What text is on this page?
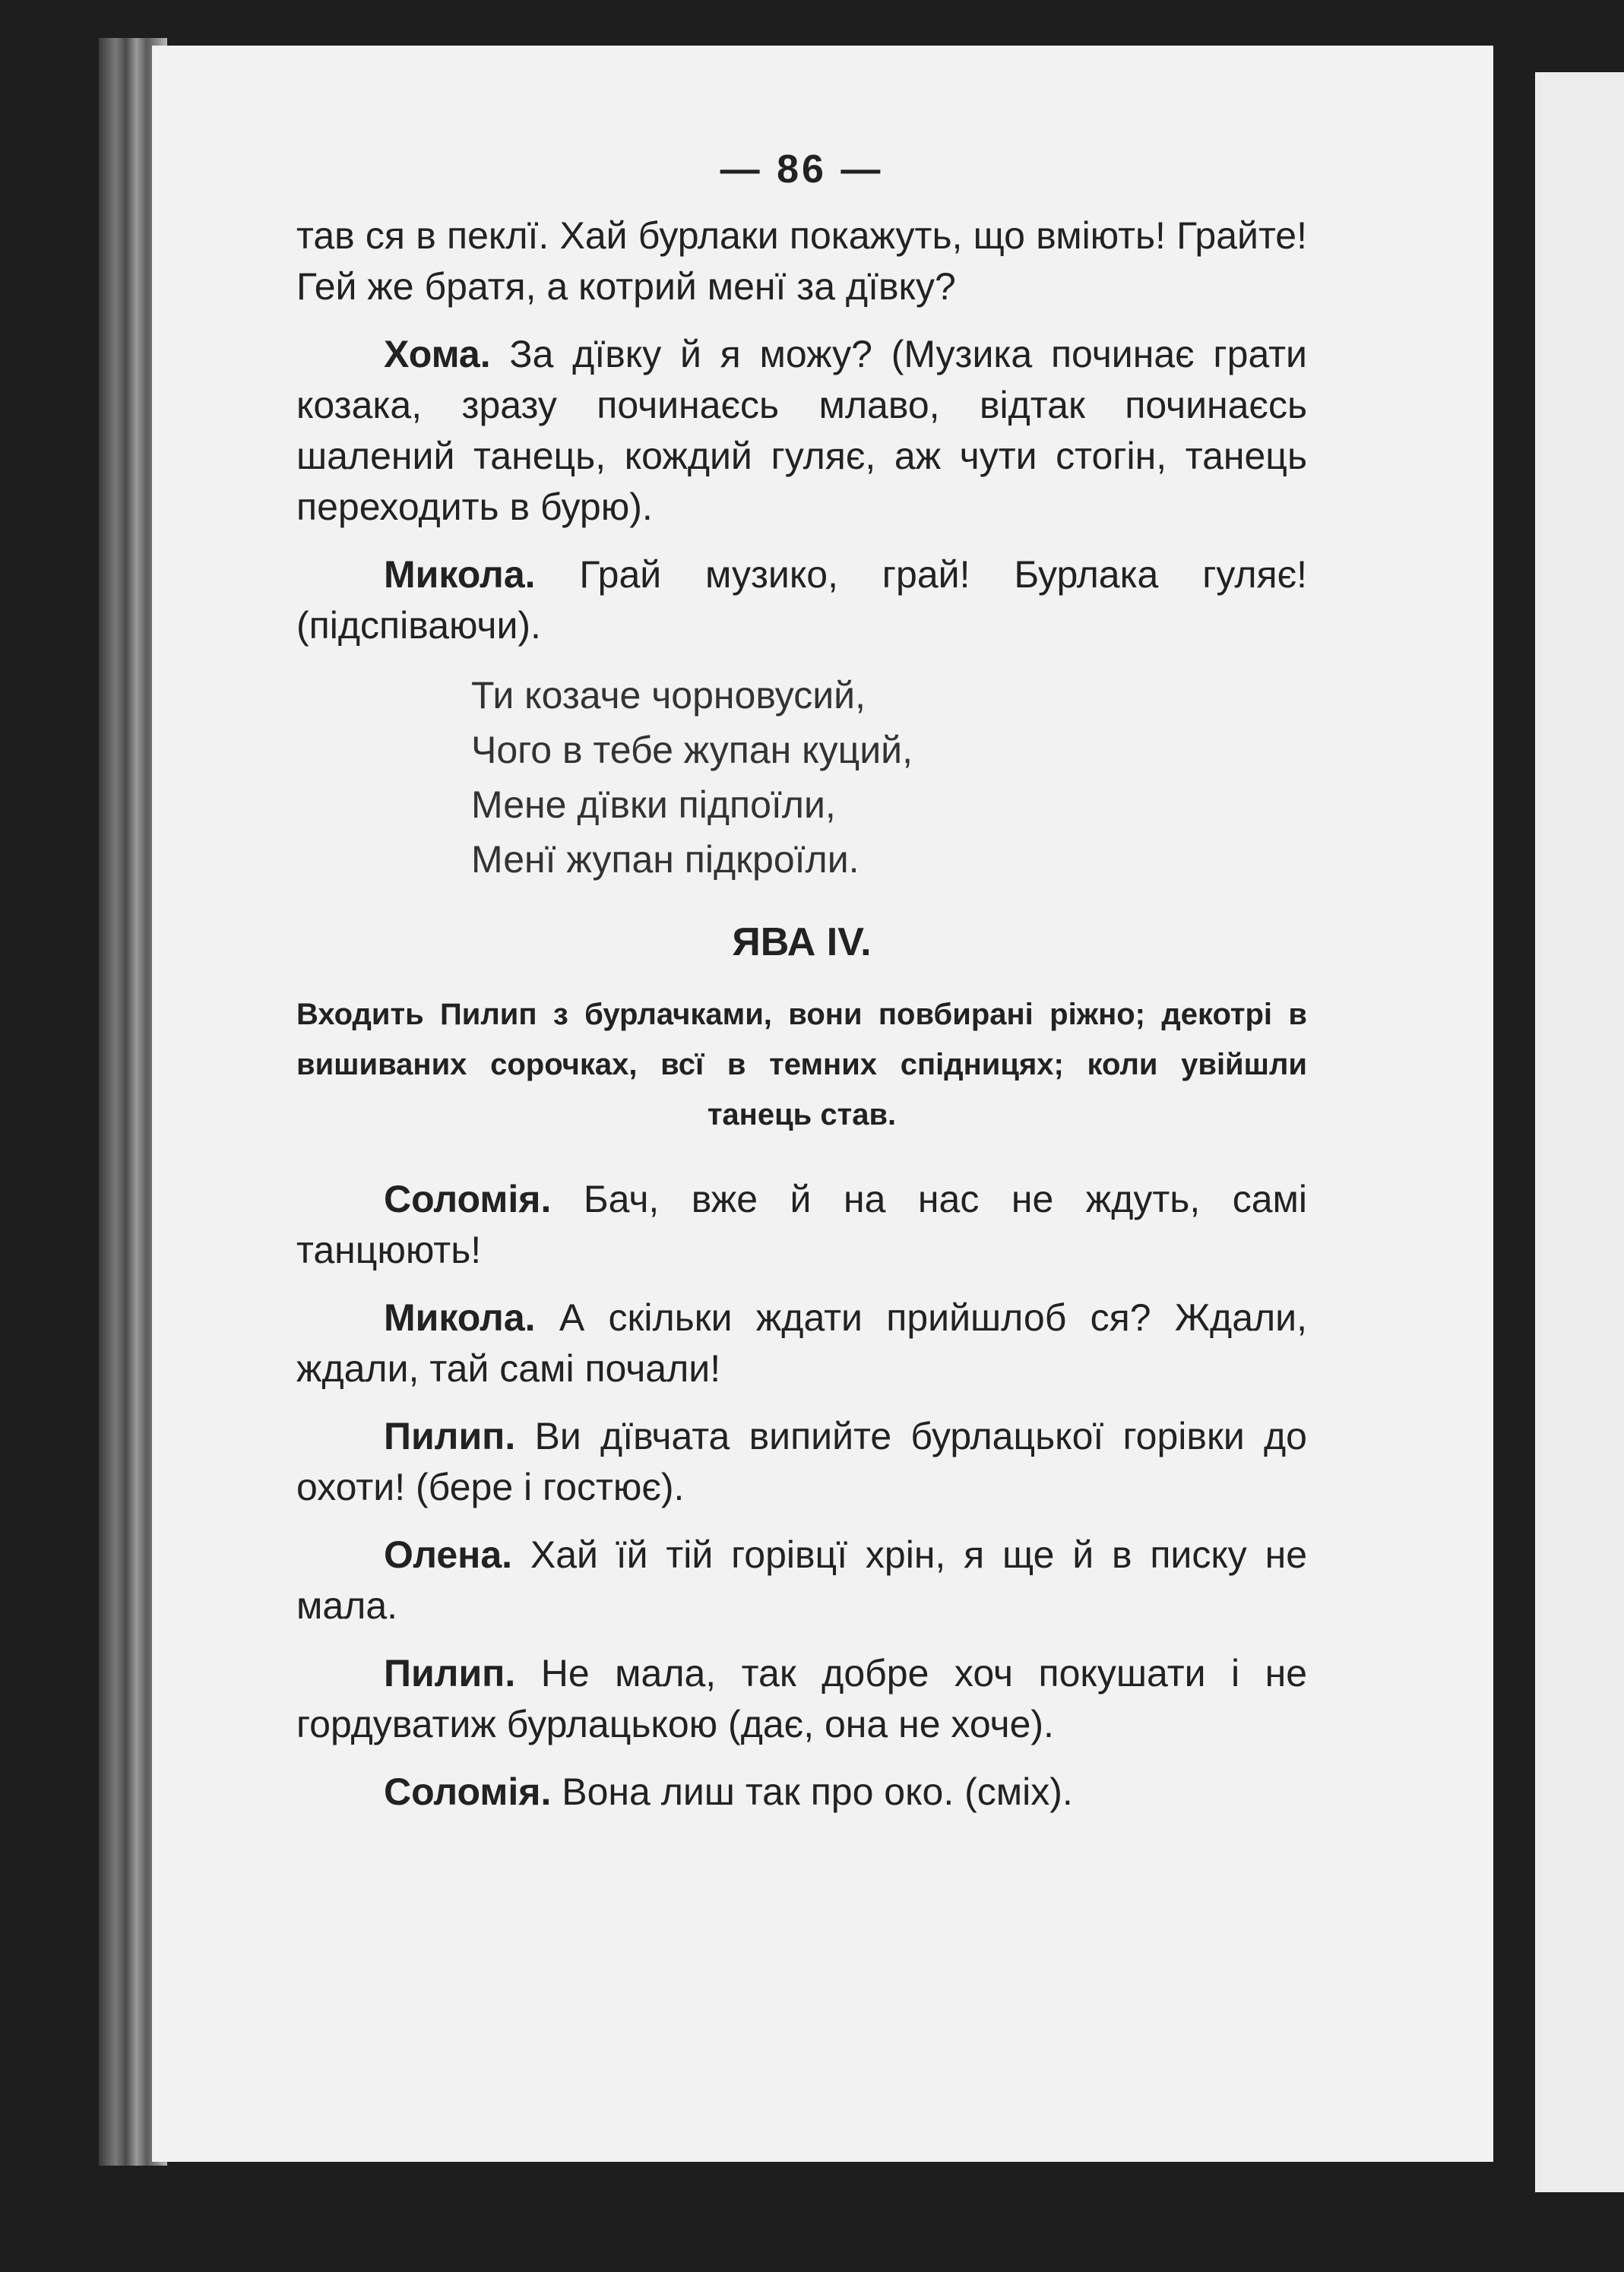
— 86 —

тав ся в пеклї. Хай бурлаки покажуть, що вміють! Грайте! Гей же братя, а котрий менї за дївку?

Хома. За дївку й я можу? (Музика починає грати козака, зразу починаєсь млаво, відтак починаєсь шалений танець, кождий гуляє, аж чути стогін, танець переходить в бурю).

Микола. Грай музико, грай! Бурлака гуляє! (підспіваючи).

Ти козаче чорновусий,
Чого в тебе жупан куций,
Мене дївки підпоїли,
Менї жупан підкроїли.
ЯВА IV.
Входить Пилип з бурлачками, вони повбирані ріжно; декотрі в вишиваних сорочках, всї в темних спідницях; коли увійшли танець став.

Соломія. Бач, вже й на нас не ждуть, самі танцюють!

Микола. А скільки ждати прийшлоб ся? Ждали, ждали, тай самі почали!

Пилип. Ви дївчата випийте бурлацької горівки до охоти! (бере і гостює).

Олена. Хай їй тій горівцї хрін, я ще й в писку не мала.

Пилип. Не мала, так добре хоч покушати і не гордуватиж бурлацькою (дає, она не хоче).

Соломія. Вона лиш так про око. (сміх).
